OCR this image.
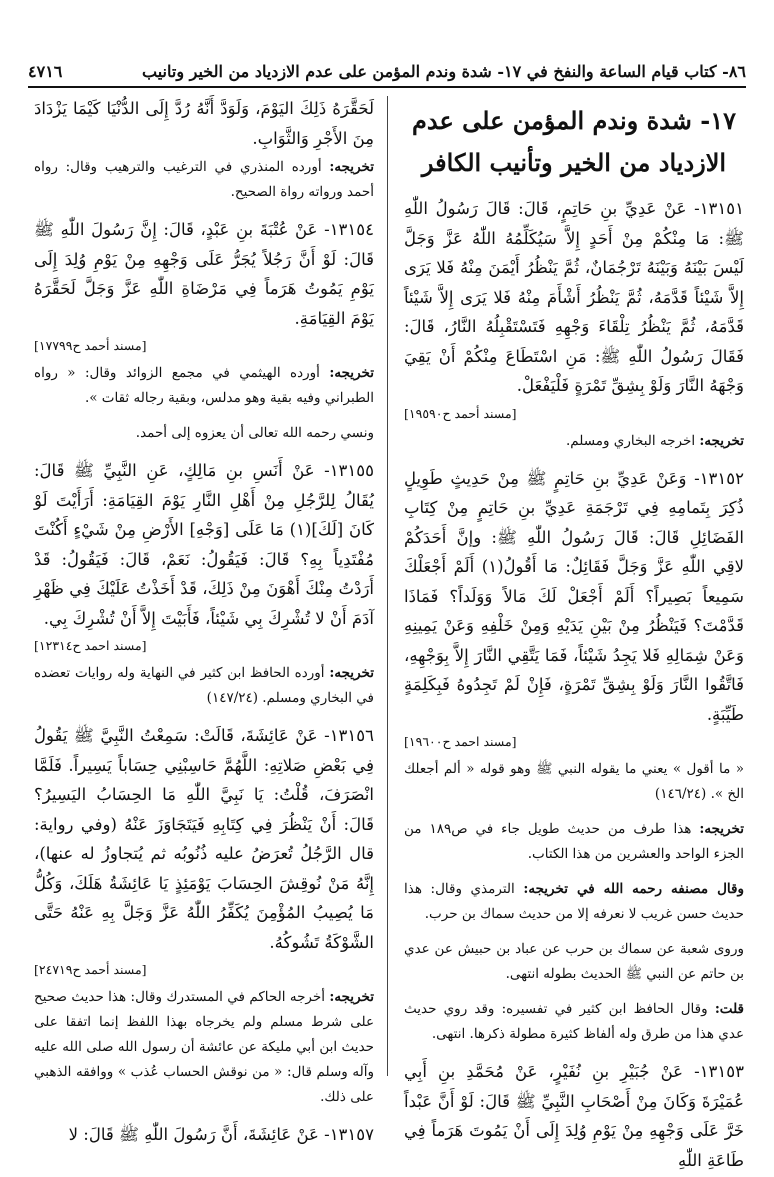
٨٦- كتاب قيام الساعة والنفخ في ١٧- شدة وندم المؤمن على عدم الازدياد من الخير وتانيب
٤٧١٦
١٧- شدة وندم المؤمن على عدم
الازدياد من الخير وتأنيب الكافر

١٣١٥١- عَنْ عَدِيِّ بنِ حَاتِمٍ، قَالَ: قَالَ رَسُولُ اللّٰهِ ﷺ: مَا مِنْكُمْ مِنْ أَحَدٍ إِلاَّ سَيُكَلِّمُهُ اللّٰهُ عَزَّ وَجَلَّ لَيْسَ بَيْنَهُ وَبَيْنَهُ تَرْجُمَانٌ، ثُمَّ يَنْظُرُ أَيْمَنَ مِنْهُ فَلا يَرَى إِلاَّ شَيْئاً قَدَّمَهُ، ثُمَّ يَنْظُرُ أَشْأَمَ مِنْهُ فَلا يَرَى إِلاَّ شَيْئاً قَدَّمَهُ، ثُمَّ يَنْظُرُ تِلْقَاءَ وَجْهِهِ فَتَسْتَقْبِلُهُ النَّارُ، قَالَ: فَقَالَ رَسُولُ اللّٰهِ ﷺ: مَنِ اسْتَطَاعَ مِنْكُمْ أَنْ يَقِيَ وَجْهَهُ النَّارَ وَلَوْ بِشِقِّ تَمْرَةٍ فَلْيَفْعَلْ.

[مسند أحمد ح١٩٥٩٠]

تخريجه: اخرجه البخاري ومسلم.

١٣١٥٢- وَعَنْ عَدِيِّ بنِ حَاتِمٍ ﷺ مِنْ حَدِيثٍ طَوِيلٍ ذُكِرَ بِتَمامِهِ فِي تَرْجَمَةِ عَدِيِّ بنِ حَاتِمٍ مِنْ كِتَابِ الفَضَائِلِ قَالَ: قَالَ رَسُولُ اللّٰهِ ﷺ: وإنَّ أَحَدَكُمْ لاقِي اللّٰهِ عَزَّ وَجَلَّ فَقَائِلٌ: مَا أَقُولُ(١) أَلَمْ أَجْعَلْكَ سَمِيعاً بَصِيراً؟ أَلَمْ أَجْعَلْ لَكَ مَالاً وَوَلَداً؟ فَمَاذَا قَدَّمْتَ؟ فَيَنْظُرُ مِنْ بَيْنِ يَدَيْهِ وَمِنْ خَلْفِهِ وَعَنْ يَمِينِهِ وَعَنْ شِمَالِهِ فَلا يَجِدُ شَيْئاً، فَمَا يَتَّقِي النَّارَ إِلاَّ بِوَجْهِهِ، فَاتَّقُوا النَّارَ وَلَوْ بِشِقِّ تَمْرَةٍ، فَإِنْ لَمْ تَجِدُوهُ فَبِكَلِمَةٍ طَيِّبَةٍ.

[مسند احمد ح١٩٦٠٠]

« ما أقول » يعني ما يقوله النبي ﷺ وهو قوله « ألم أجعلك الخ ». (١٤٦/٢٤)

تخريجه: هذا طرف من حديث طويل جاء في ص١٨٩ من الجزء الواحد والعشرين من هذا الكتاب.

وقال مصنفه رحمه الله في تخريجه: الترمذي وقال: هذا حديث حسن غريب لا نعرفه إلا من حديث سماك بن حرب.

وروى شعبة عن سماك بن حرب عن عباد بن حبيش عن عدي بن حاتم عن النبي ﷺ الحديث بطوله انتهى.

قلت: وقال الحافظ ابن كثير في تفسيره: وقد روي حديث عدي هذا من طرق وله ألفاظ كثيرة مطولة ذكرها. انتهى.

١٣١٥٣- عَنْ جُبَيْرِ بنِ نُفَيْرٍ، عَنْ مُحَمَّدِ بنِ أَبِي عُمَيْرَةَ وَكَانَ مِنْ أَصْحَابِ النَّبِيِّ ﷺ قَالَ: لَوْ أَنَّ عَبْداً خَرَّ عَلَى وَجْهِهِ مِنْ يَوْمِ وُلِدَ إِلَى أَنْ يَمُوتَ هَرَماً فِي طَاعَةِ اللّٰهِ

لَحَقَّرَهُ ذَلِكَ اليَوْمَ، وَلَوَدَّ أَنَّهُ رُدَّ إِلَى الدُّنْيَا كَيْمَا يَزْدَادَ مِنَ الأَجْرِ وَالثَّوَابِ.

تخريجه: أورده المنذري في الترغيب والترهيب وقال: رواه أحمد ورواته رواة الصحيح.

١٣١٥٤- عَنْ عُتْبَةَ بنِ عَبْدٍ، قَالَ: إِنَّ رَسُولَ اللّٰهِ ﷺ قَالَ: لَوْ أَنَّ رَجُلاً يُجَرُّ عَلَى وَجْهِهِ مِنْ يَوْمِ وُلِدَ إِلَى يَوْمِ يَمُوتُ هَرَماً فِي مَرْضَاةِ اللّٰهِ عَزَّ وَجَلَّ لَحَقَّرَهُ يَوْمَ القِيَامَةِ.

[مسند أحمد ح١٧٧٩٩]

تخريجه: أورده الهيثمي في مجمع الزوائد وقال: « رواه الطبراني وفيه بقية وهو مدلس، وبقية رجاله ثقات ».

ونسي رحمه الله تعالى أن يعزوه إلى أحمد.

١٣١٥٥- عَنْ أَنَسِ بنِ مَالِكٍ، عَنِ النَّبِيِّ ﷺ قَالَ: يُقَالُ لِلرَّجُلِ مِنْ أَهْلِ النَّارِ يَوْمَ القِيَامَةِ: أَرَأَيْتَ لَوْ كَانَ [لَكَ](١) مَا عَلَى [وَجْهِ] الأَرْضِ مِنْ شَيْءٍ أَكُنْتَ مُفْتَدِياً بِهِ؟ قَالَ: فَيَقُولُ: نَعَمْ، قَالَ: فَيَقُولُ: قَدْ أَرَدْتُ مِنْكَ أَهْوَنَ مِنْ ذَلِكَ، قَدْ أَخَذْتُ عَلَيْكَ فِي ظَهْرِ آدَمَ أَنْ لا تُشْرِكَ بِي شَيْئاً، فَأَبَيْتَ إِلاَّ أَنْ تُشْرِكَ بِي.

[مسند احمد ح١٢٣١٤]

تخريجه: أورده الحافظ ابن كثير في النهاية وله روايات تعضده في البخاري ومسلم. (١٤٧/٢٤)

١٣١٥٦- عَنْ عَائِشَةَ، قَالَتْ: سَمِعْتُ النَّبِيَّ ﷺ يَقُولُ فِي بَعْضِ صَلاتِهِ: اللَّهُمَّ حَاسِبْنِي حِسَاباً يَسِيراً. فَلَمَّا انْصَرَفَ، قُلْتُ: يَا نَبِيَّ اللّٰهِ مَا الحِسَابُ اليَسِيرُ؟ قَالَ: أَنْ يَنْظُرَ فِي كِتَابِهِ فَيَتَجَاوَزَ عَنْهُ (وفي رواية: قال الرَّجُلُ تُعرَضُ عليه ذُنُوبُه ثم يُتجاوزُ له عنها)، إِنَّهُ مَنْ نُوقِشَ الحِسَابَ يَوْمَئِذٍ يَا عَائِشَةُ هَلَكَ، وَكُلُّ مَا يُصِيبُ المُؤْمِنَ يُكَفِّرُ اللّٰهُ عَزَّ وَجَلَّ بِهِ عَنْهُ حَتَّى الشَّوْكَةُ تَشُوكُهُ.

[مسند أحمد ح٢٤٧١٩]

تخريجه: أخرجه الحاكم في المستدرك وقال: هذا حديث صحيح على شرط مسلم ولم يخرجاه بهذا اللفظ إنما اتفقا على حديث ابن أبي مليكة عن عائشة أن رسول الله صلى الله عليه وآله وسلم قال: « من نوقش الحساب عُذب » ووافقه الذهبي على ذلك.

١٣١٥٧- عَنْ عَائِشَةَ، أَنَّ رَسُولَ اللّٰهِ ﷺ قَالَ: لا
